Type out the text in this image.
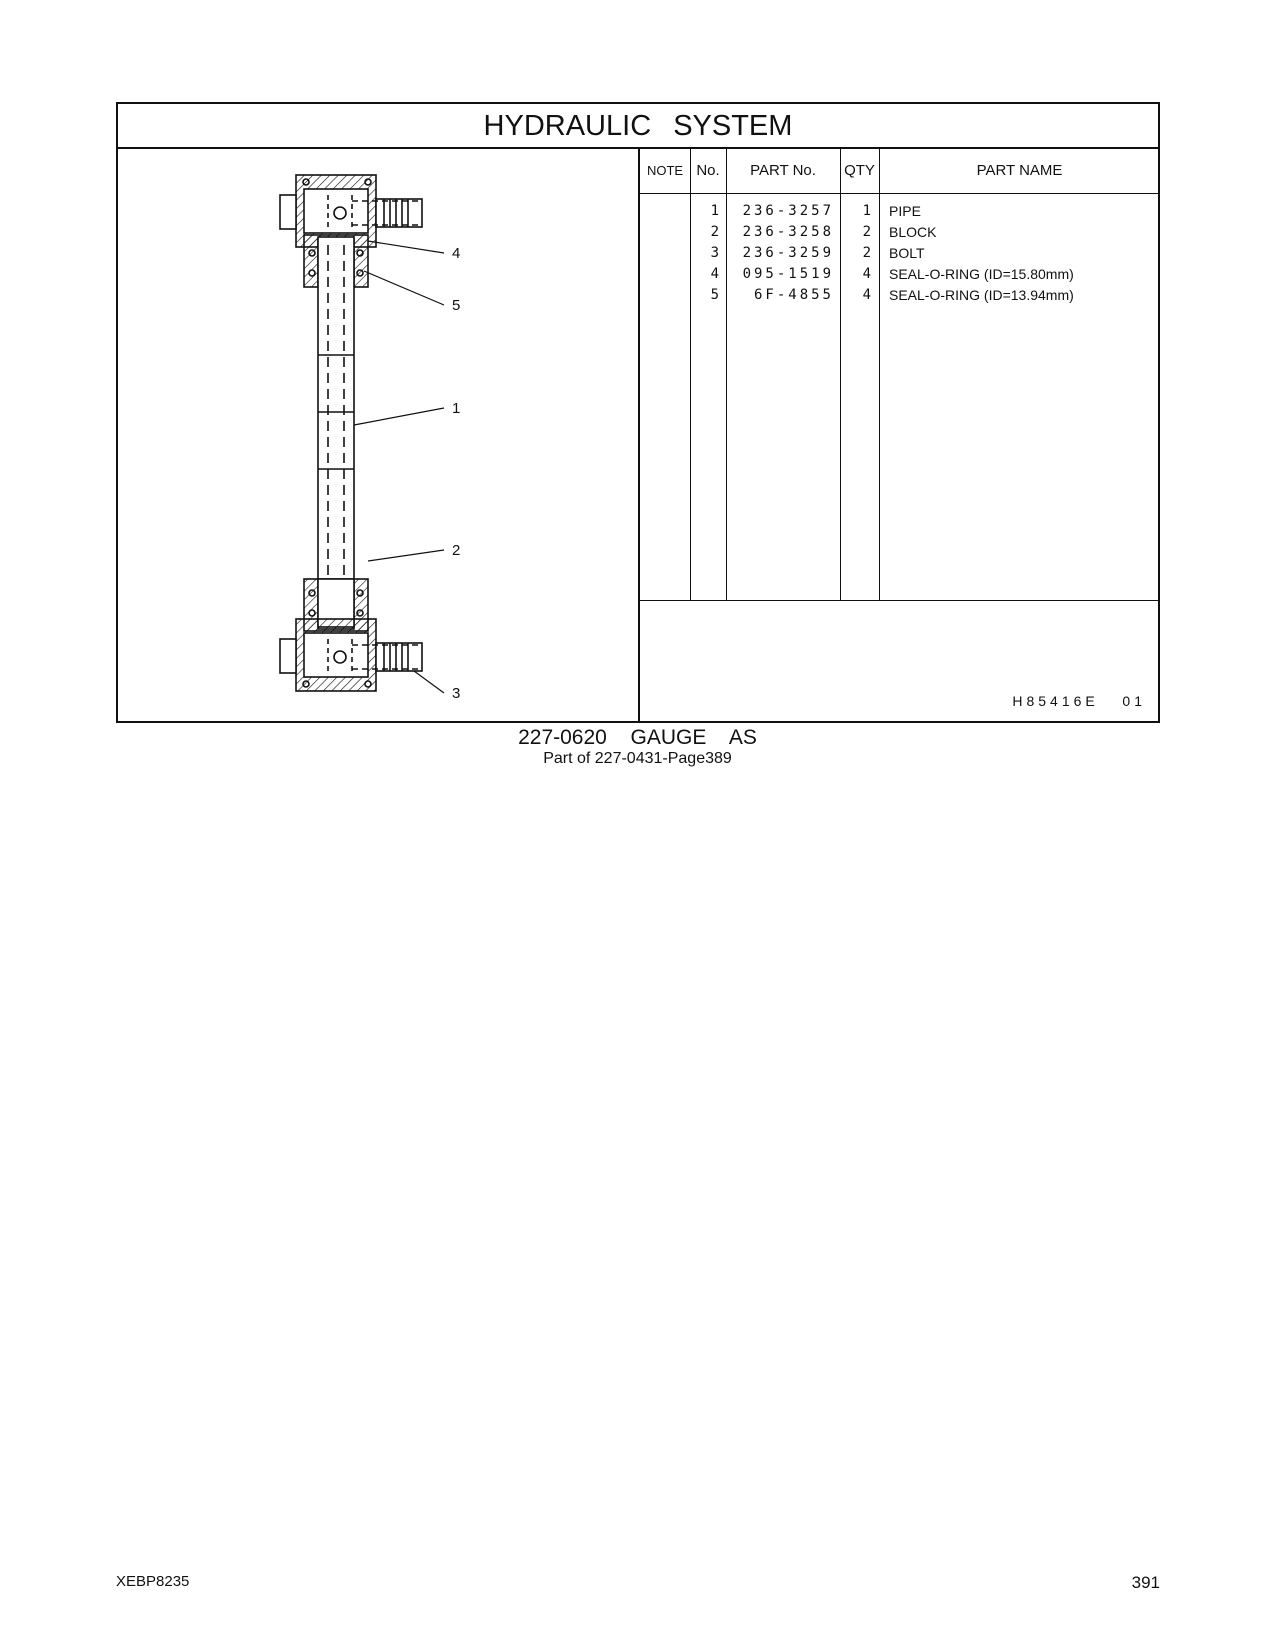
HYDRAULIC SYSTEM
4
5
1
2
3
NOTE No.	PART No.	QTY	PART NAME
1	236-3257	1 PIPE
2	236-3258	2 BLOCK
3	236-3259	2 BOLT
4	095-1519	4 SEAL-O-RING (ID=15.80mm)
5	6F-4855	4 SEAL-O-RING (ID=13.94mm)
H85416E   01
227-0620  GAUGE  AS
Part of 227-0431-Page389
XEBP8235	391
